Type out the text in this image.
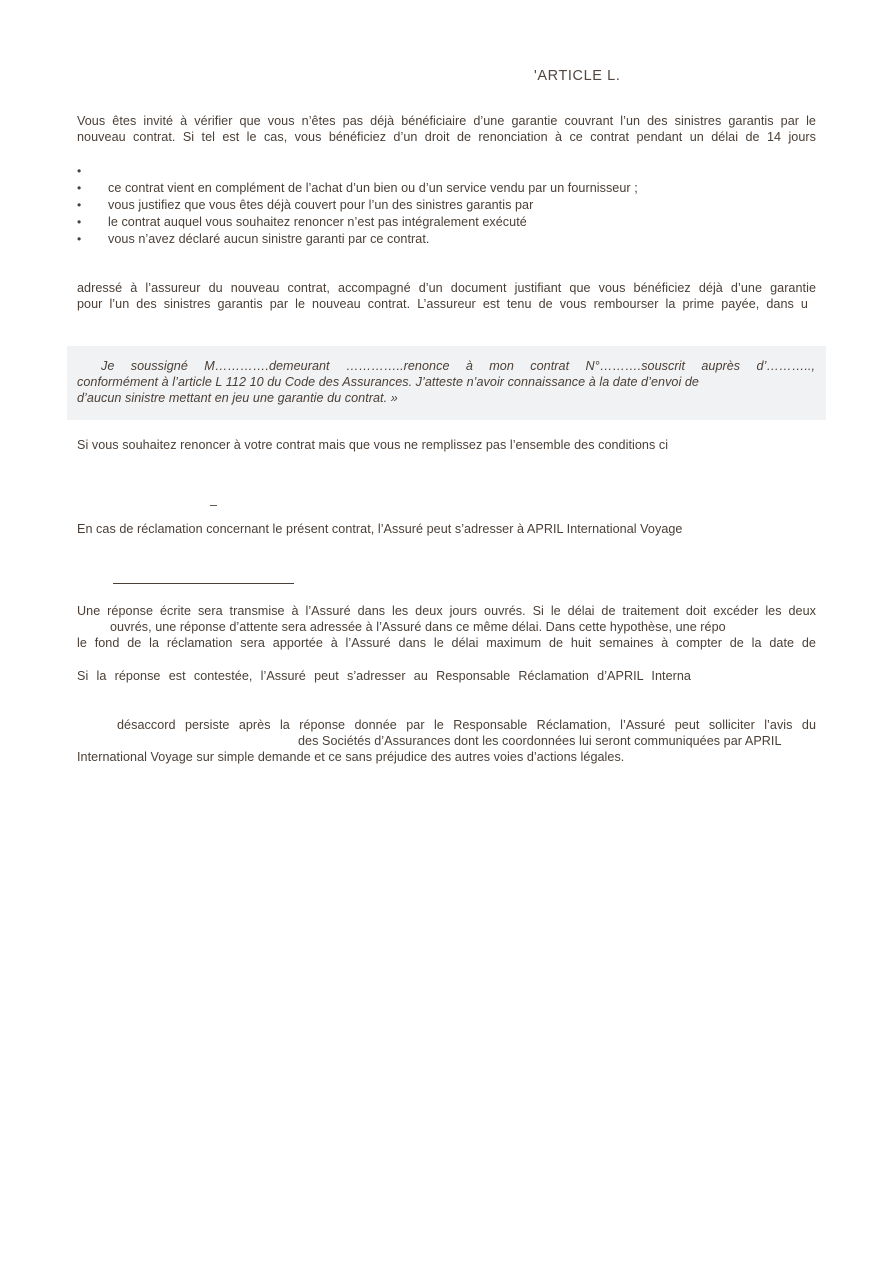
'ARTICLE L.
Vous êtes invité à vérifier que vous n’êtes pas déjà bénéficiaire d’une garantie couvrant l’un des sinistres garantis par le
nouveau contrat. Si tel est le cas, vous bénéficiez d’un droit de renonciation à ce contrat pendant un délai de 14 jours
•
• ce contrat vient en complément de l’achat d’un bien ou d’un service vendu par un fournisseur ;
• vous justifiez que vous êtes déjà couvert pour l’un des sinistres garantis par
• le contrat auquel vous souhaitez renoncer n’est pas intégralement exécuté
• vous n’avez déclaré aucun sinistre garanti par ce contrat.
adressé à l’assureur du nouveau contrat, accompagné d’un document justifiant que vous bénéficiez déjà d’une garantie
pour l’un des sinistres garantis par le nouveau contrat. L’assureur est tenu de vous rembourser la prime payée, dans u
Je soussigné M………….demeurant …………..renonce à mon contrat N°……….souscrit auprès d’………..,
conformément à l’article L 112 10 du Code des Assurances. J’atteste n’avoir connaissance à la date d’envoi de
d’aucun sinistre mettant en jeu une garantie du contrat. »
Si vous souhaitez renoncer à votre contrat mais que vous ne remplissez pas l’ensemble des conditions ci
–
En cas de réclamation concernant le présent contrat, l’Assuré peut s’adresser à APRIL International Voyage
Une réponse écrite sera transmise à l’Assuré dans les deux jours ouvrés. Si le délai de traitement doit excéder les deux
ouvrés, une réponse d’attente sera adressée à l’Assuré dans ce même délai. Dans cette hypothèse, une répo
le fond de la réclamation sera apportée à l’Assuré dans le délai maximum de huit semaines à compter de la date de
Si la réponse est contestée, l’Assuré peut s’adresser au Responsable Réclamation d’APRIL Interna
désaccord persiste après la réponse donnée par le Responsable Réclamation, l’Assuré peut solliciter l’avis du
des Sociétés d’Assurances dont les coordonnées lui seront communiquées par APRIL
International Voyage sur simple demande et ce sans préjudice des autres voies d’actions légales.
